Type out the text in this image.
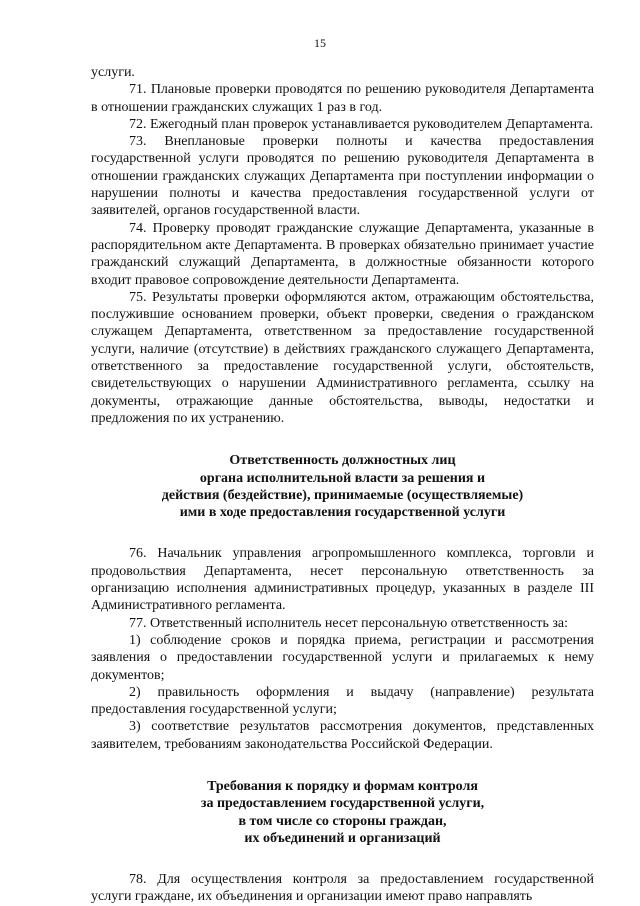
15

услуги.

71. Плановые проверки проводятся по решению руководителя Департамента в отношении гражданских служащих 1 раз в год.

72. Ежегодный план проверок устанавливается руководителем Департамента.

73. Внеплановые проверки полноты и качества предоставления государственной услуги проводятся по решению руководителя Департамента в отношении гражданских служащих Департамента при поступлении информации о нарушении полноты и качества предоставления государственной услуги от заявителей, органов государственной власти.

74. Проверку проводят гражданские служащие Департамента, указанные в распорядительном акте Департамента. В проверках обязательно принимает участие гражданский служащий Департамента, в должностные обязанности которого входит правовое сопровождение деятельности Департамента.

75. Результаты проверки оформляются актом, отражающим обстоятельства, послужившие основанием проверки, объект проверки, сведения о гражданском служащем Департамента, ответственном за предоставление государственной услуги, наличие (отсутствие) в действиях гражданского служащего Департамента, ответственного за предоставление государственной услуги, обстоятельств, свидетельствующих о нарушении Административного регламента, ссылку на документы, отражающие данные обстоятельства, выводы, недостатки и предложения по их устранению.

Ответственность должностных лиц

органа исполнительной власти за решения и

действия (бездействие), принимаемые (осуществляемые)

ими в ходе предоставления государственной услуги

76. Начальник управления агропромышленного комплекса, торговли и продовольствия Департамента, несет персональную ответственность за организацию исполнения административных процедур, указанных в разделе III Административного регламента.

77. Ответственный исполнитель несет персональную ответственность за:

1) соблюдение сроков и порядка приема, регистрации и рассмотрения заявления о предоставлении государственной услуги и прилагаемых к нему документов;

2) правильность оформления и выдачу (направление) результата предоставления государственной услуги;

3) соответствие результатов рассмотрения документов, представленных заявителем, требованиям законодательства Российской Федерации.

Требования к порядку и формам контроля

за предоставлением государственной услуги,

в том числе со стороны граждан,

их объединений и организаций

78. Для осуществления контроля за предоставлением государственной услуги граждане, их объединения и организации имеют право направлять
